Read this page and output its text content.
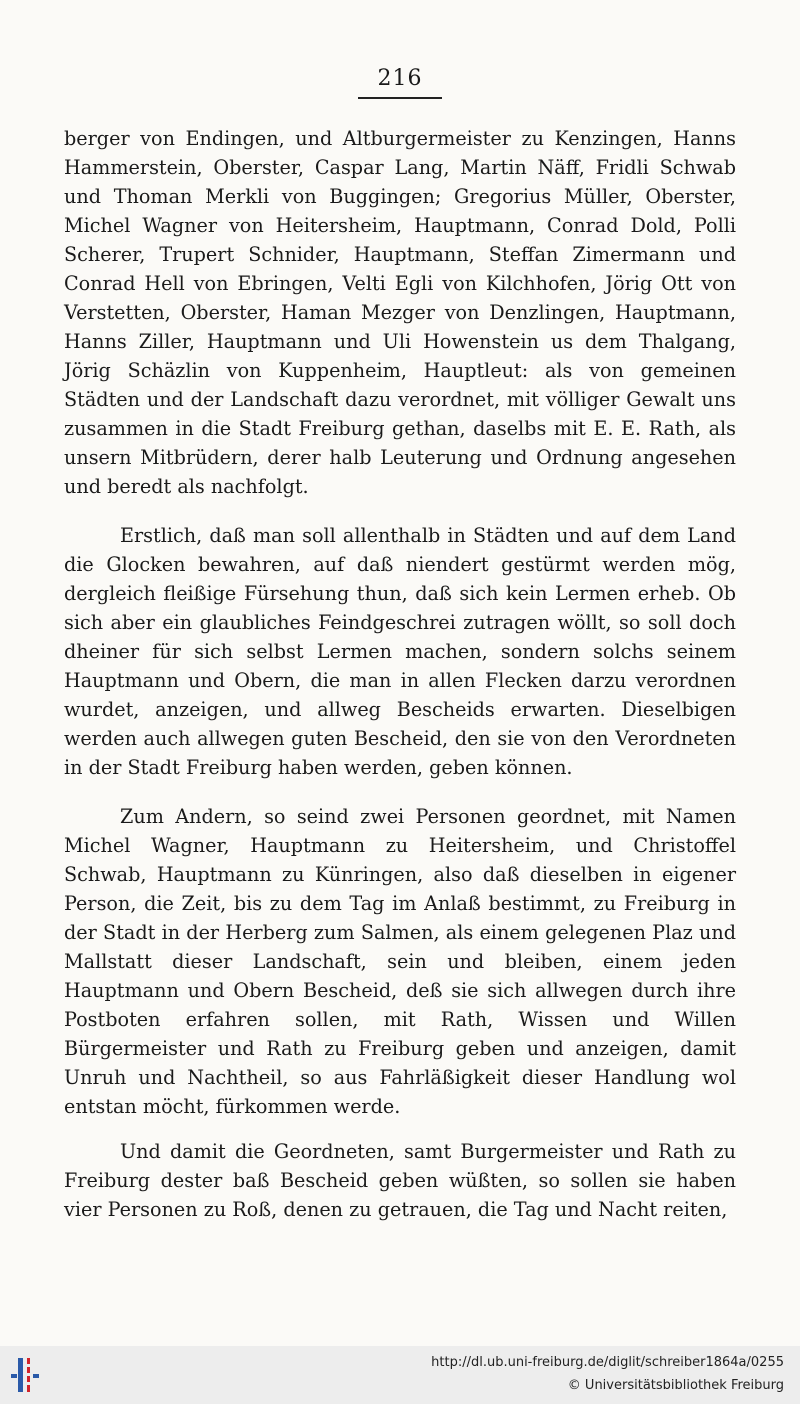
216

berger von Endingen, und Altburgermeister zu Kenzingen, Hanns Hammerstein, Oberster, Caspar Lang, Martin Näff, Fridli Schwab und Thoman Merkli von Buggingen; Gregorius Müller, Oberster, Michel Wagner von Heitersheim, Hauptmann, Conrad Dold, Polli Scherer, Trupert Schnider, Hauptmann, Steffan Zimermann und Conrad Hell von Ebringen, Velti Egli von Kilchhofen, Jörig Ott von Verstetten, Oberster, Haman Mezger von Denzlingen, Hauptmann, Hanns Ziller, Hauptmann und Uli Howenstein us dem Thalgang, Jörig Schäzlin von Kuppenheim, Hauptleut: als von gemeinen Städten und der Landschaft dazu verordnet, mit völliger Gewalt uns zusammen in die Stadt Freiburg gethan, daselbs mit E. E. Rath, als unsern Mitbrüdern, derer halb Leuterung und Ordnung angesehen und beredt als nachfolgt.

Erstlich, daß man soll allenthalb in Städten und auf dem Land die Glocken bewahren, auf daß niendert gestürmt werden mög, dergleich fleißige Fürsehung thun, daß sich kein Lermen erheb. Ob sich aber ein glaubliches Feindgeschrei zutragen wöllt, so soll doch dheiner für sich selbst Lermen machen, sondern solchs seinem Hauptmann und Obern, die man in allen Flecken darzu verordnen wurdet, anzeigen, und allweg Bescheids erwarten. Dieselbigen werden auch allwegen guten Bescheid, den sie von den Verordneten in der Stadt Freiburg haben werden, geben können.

Zum Andern, so seind zwei Personen geordnet, mit Namen Michel Wagner, Hauptmann zu Heitersheim, und Christoffel Schwab, Hauptmann zu Künringen, also daß dieselben in eigener Person, die Zeit, bis zu dem Tag im Anlaß bestimmt, zu Freiburg in der Stadt in der Herberg zum Salmen, als einem gelegenen Plaz und Mallstatt dieser Landschaft, sein und bleiben, einem jeden Hauptmann und Obern Bescheid, deß sie sich allwegen durch ihre Postboten erfahren sollen, mit Rath, Wissen und Willen Bürgermeister und Rath zu Freiburg geben und anzeigen, damit Unruh und Nachtheil, so aus Fahrläßigkeit dieser Handlung wol entstan möcht, fürkommen werde.

Und damit die Geordneten, samt Burgermeister und Rath zu Freiburg dester baß Bescheid geben wüßten, so sollen sie haben vier Personen zu Roß, denen zu getrauen, die Tag und Nacht reiten,

http://dl.ub.uni-freiburg.de/diglit/schreiber1864a/0255
© Universitätsbibliothek Freiburg
